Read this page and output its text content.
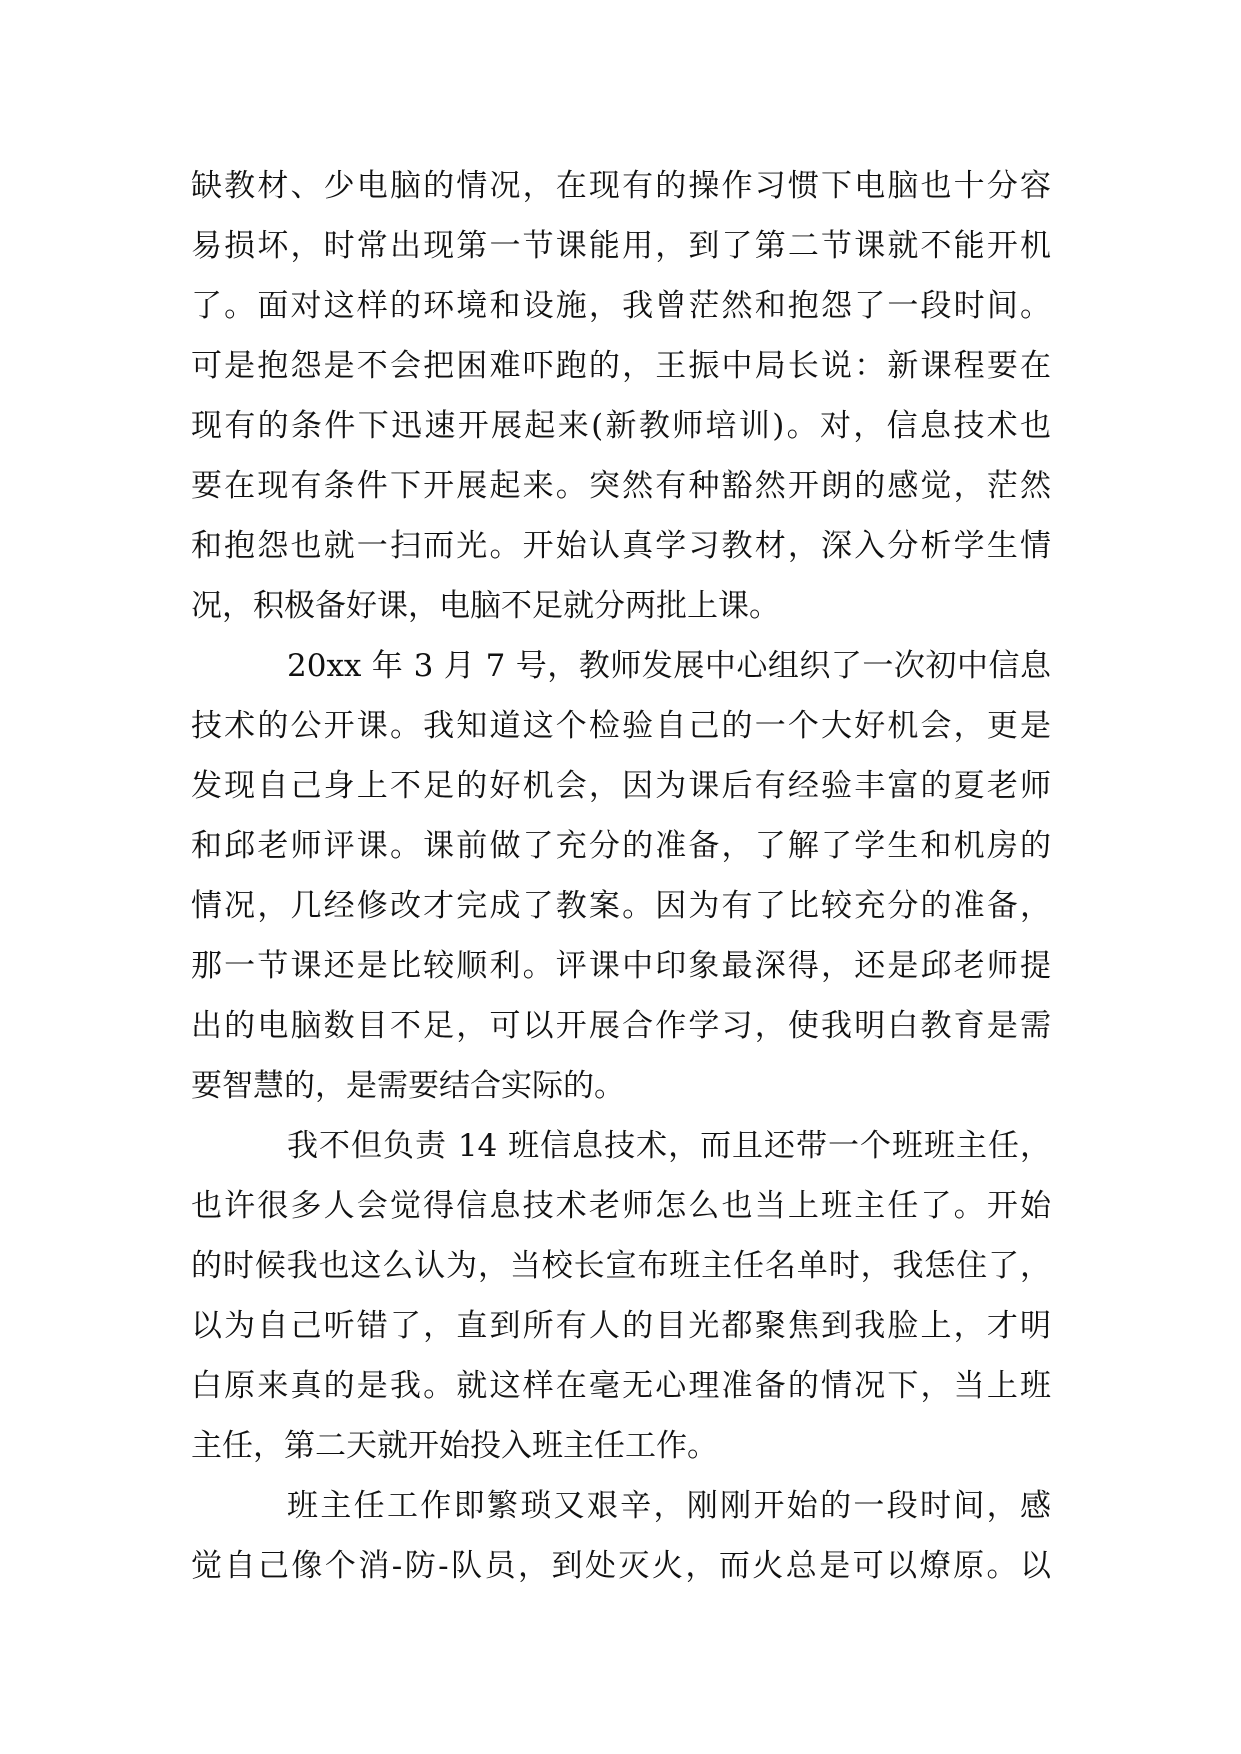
缺教材、少电脑的情况，在现有的操作习惯下电脑也十分容
易损坏，时常出现第一节课能用，到了第二节课就不能开机
了。面对这样的环境和设施，我曾茫然和抱怨了一段时间。
可是抱怨是不会把困难吓跑的，王振中局长说：新课程要在
现有的条件下迅速开展起来(新教师培训)。对，信息技术也
要在现有条件下开展起来。突然有种豁然开朗的感觉，茫然
和抱怨也就一扫而光。开始认真学习教材，深入分析学生情
况，积极备好课，电脑不足就分两批上课。
20xx 年 3 月 7 号，教师发展中心组织了一次初中信息
技术的公开课。我知道这个检验自己的一个大好机会，更是
发现自己身上不足的好机会，因为课后有经验丰富的夏老师
和邱老师评课。课前做了充分的准备，了解了学生和机房的
情况，几经修改才完成了教案。因为有了比较充分的准备，
那一节课还是比较顺利。评课中印象最深得，还是邱老师提
出的电脑数目不足，可以开展合作学习，使我明白教育是需
要智慧的，是需要结合实际的。
我不但负责 14 班信息技术，而且还带一个班班主任，
也许很多人会觉得信息技术老师怎么也当上班主任了。开始
的时候我也这么认为，当校长宣布班主任名单时，我恁住了，
以为自己听错了，直到所有人的目光都聚焦到我脸上，才明
白原来真的是我。就这样在毫无心理准备的情况下，当上班
主任，第二天就开始投入班主任工作。
班主任工作即繁琐又艰辛，刚刚开始的一段时间，感
觉自己像个消-防-队员，到处灭火，而火总是可以燎原。以
